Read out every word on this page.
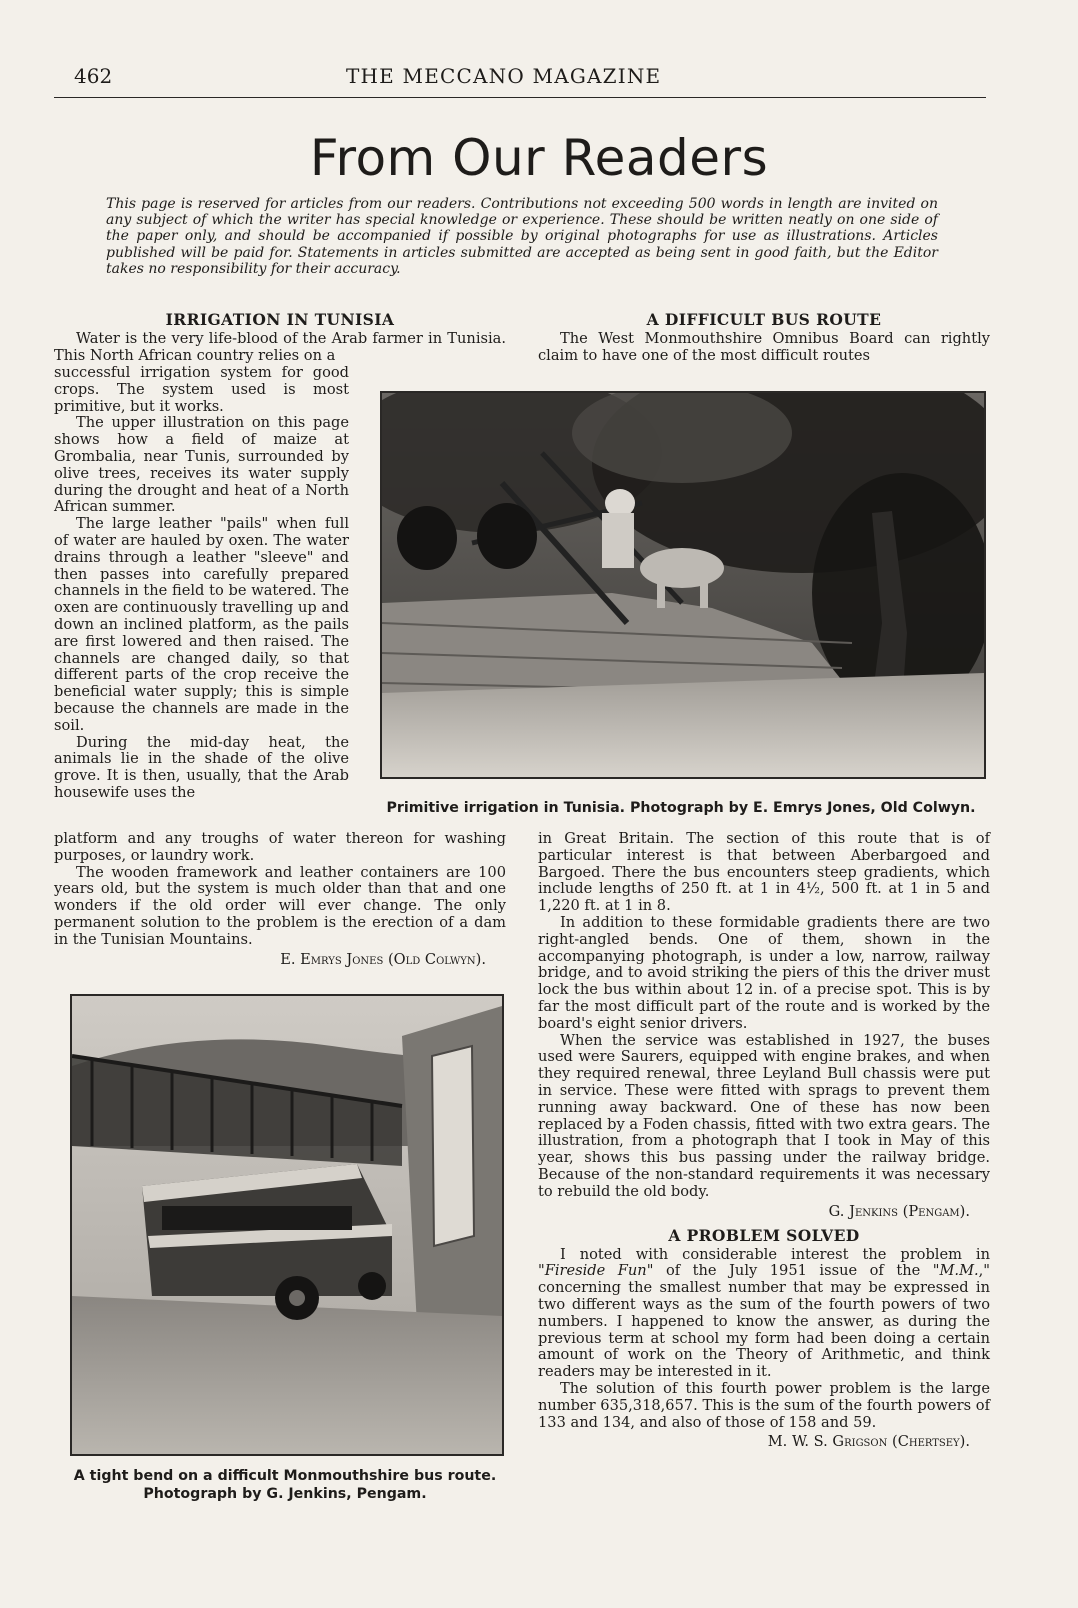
462	THE MECCANO MAGAZINE
From Our Readers

This page is reserved for articles from our readers. Contributions not exceeding 500 words in length are invited on any subject of which the writer has special knowledge or experience. These should be written neatly on one side of the paper only, and should be accompanied if possible by original photographs for use as illustrations. Articles published will be paid for. Statements in articles submitted are accepted as being sent in good faith, but the Editor takes no responsibility for their accuracy.

IRRIGATION IN TUNISIA

Water is the very life-blood of the Arab farmer in Tunisia. This North African country relies on a

successful irrigation system for good crops. The system used is most primitive, but it works.

The upper illustration on this page shows how a field of maize at Grombalia, near Tunis, surrounded by olive trees, receives its water supply during the drought and heat of a North African summer.

The large leather "pails" when full of water are hauled by oxen. The water drains through a leather "sleeve" and then passes into carefully prepared channels in the field to be watered. The oxen are continuously travelling up and down an inclined platform, as the pails are first lowered and then raised. The channels are changed daily, so that different parts of the crop receive the beneficial water supply; this is simple because the channels are made in the soil.

During the mid-day heat, the animals lie in the shade of the olive grove. It is then, usually, that the Arab housewife uses the

platform and any troughs of water thereon for washing purposes, or laundry work.

The wooden framework and leather containers are 100 years old, but the system is much older than that and one wonders if the old order will ever change. The only permanent solution to the problem is the erection of a dam in the Tunisian Mountains.

E. Emrys Jones (Old Colwyn).

A DIFFICULT BUS ROUTE

The West Monmouthshire Omnibus Board can rightly claim to have one of the most difficult routes

Primitive irrigation in Tunisia. Photograph by E. Emrys Jones, Old Colwyn.

in Great Britain. The section of this route that is of particular interest is that between Aberbargoed and Bargoed. There the bus encounters steep gradients, which include lengths of 250 ft. at 1 in 4½, 500 ft. at 1 in 5 and 1,220 ft. at 1 in 8.

In addition to these formidable gradients there are two right-angled bends. One of them, shown in the accompanying photograph, is under a low, narrow, railway bridge, and to avoid striking the piers of this the driver must lock the bus within about 12 in. of a precise spot. This is by far the most difficult part of the route and is worked by the board's eight senior drivers.

When the service was established in 1927, the buses used were Saurers, equipped with engine brakes, and when they required renewal, three Leyland Bull chassis were put in service. These were fitted with sprags to prevent them running away backward. One of these has now been replaced by a Foden chassis, fitted with two extra gears. The illustration, from a photograph that I took in May of this year, shows this bus passing under the railway bridge. Because of the non-standard requirements it was necessary to rebuild the old body.

G. Jenkins (Pengam).

A PROBLEM SOLVED

I noted with considerable interest the problem in "Fireside Fun" of the July 1951 issue of the "M.M.," concerning the smallest number that may be expressed in two different ways as the sum of the fourth powers of two numbers. I happened to know the answer, as during the previous term at school my form had been doing a certain amount of work on the Theory of Arithmetic, and think readers may be interested in it.

The solution of this fourth power problem is the large number 635,318,657. This is the sum of the fourth powers of 133 and 134, and also of those of 158 and 59.

M. W. S. Grigson (Chertsey).

A tight bend on a difficult Monmouthshire bus route.
Photograph by G. Jenkins, Pengam.
